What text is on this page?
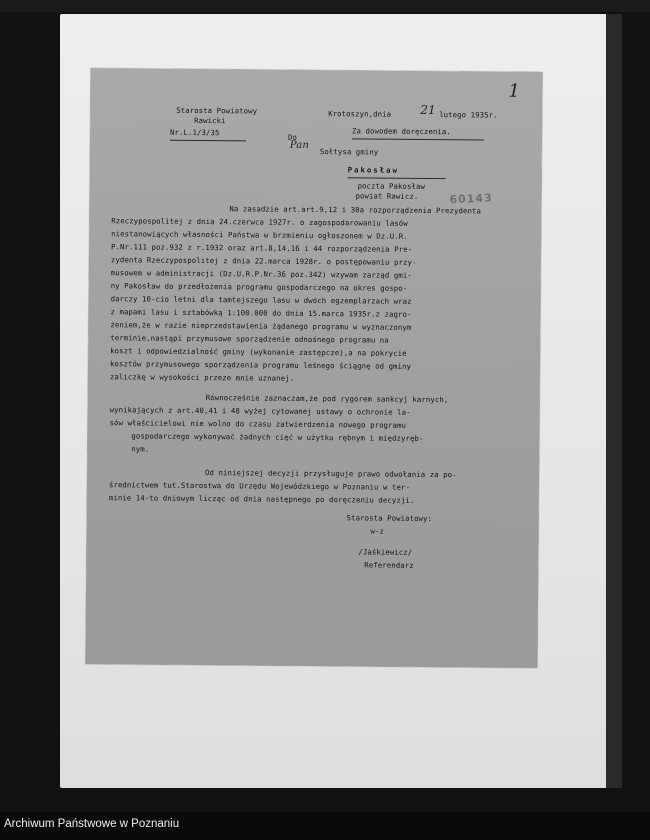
1
Starosta Powiatowy
Rawicki
Nr.L.1/3/35
Krotoszyn,dnia 21 lutego 1935r.
Za dowodem doręczenia.
Do
Pan
Sołtysa gminy
Pakosław
poczta Pakosław
powiat Rawicz.	60143
Na zasadzie art.art.9,12 i 30a rozporządzenia Prezydenta
Rzeczypospolitej z dnia 24.czerwca 1927r. o zagospodarowaniu lasów
niestanowiących własności Państwa w brzmieniu ogłoszonem w Dz.U.R.
P.Nr.111 poz.932 z r.1932 oraz art.8,14,16 i 44 rozporządzenia Pre-
zydenta Rzeczypospolitej z dnia 22.marca 1928r. o postępowaniu przy-
musowem w administracji (Dz.U.R.P.Nr.36 poz.342) wzywam zarząd gmi-
ny Pakosław do przedłożenia programu gospodarczego na okres gospo-
darczy 10-cio letni dla tamtejszego lasu w dwóch egzemplarzach wraz
z mapami lasu i sztabówką 1:100.000 do dnia 15.marca 1935r.z zagro-
żeniem,że w razie nieprzedstawienia żądanego programu w wyznaczonym
terminie,nastąpi przymusowe sporządzenie odnośnego programu na
koszt i odpowiedzialność gminy (wykonanie zastępcze),a na pokrycie
kosztów przymusowego sporządzenia programu leśnego ściągnę od gminy
zaliczkę w wysokości przeze mnie uznanej.
Równocześnie zaznaczam,że pod rygorem sankcyj karnych,
wynikających z art.40,41 i 48 wyżej cytowanej ustawy o ochronie la-
sów właścicielowi nie wolno do czasu zatwierdzenia nowego programu
gospodarczego wykonywać żadnych cięć w użytku rębnym i międzyręb-
nym.
Od niniejszej decyzji przysługuje prawo odwołania za po-
średnictwem tut.Starostwa do Urzędu Wojewódzkiego w Poznaniu w ter-
minie 14-to dniowym licząc od dnia następnego po doręczeniu decyzji.
Starosta Powiatowy:
w-z
/Jaśkiewicz/
Referendarz
Archiwum Państwowe w Poznaniu
